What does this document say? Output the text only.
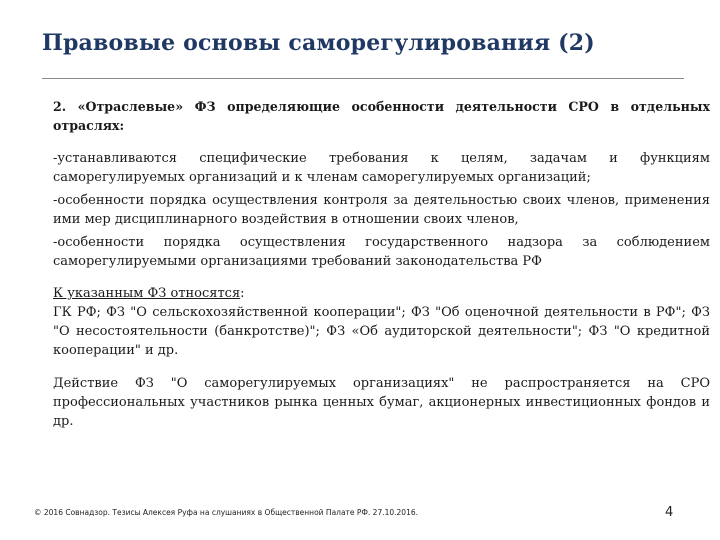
Правовые основы саморегулирования (2)

2. «Отраслевые» ФЗ определяющие особенности деятельности СРО в отдельных отраслях:

-устанавливаются специфические требования к целям, задачам и функциям саморегулируемых организаций и к членам саморегулируемых организаций;

-особенности порядка осуществления контроля за деятельностью своих членов, применения ими мер дисциплинарного воздействия в отношении своих членов,

-особенности порядка осуществления государственного надзора за соблюдением саморегулируемыми организациями требований законодательства РФ

К указанным ФЗ относятся:
ГК РФ; ФЗ "О сельскохозяйственной кооперации"; ФЗ "Об оценочной деятельности в РФ"; ФЗ "О несостоятельности (банкротстве)"; ФЗ «Об аудиторской деятельности"; ФЗ "О кредитной кооперации" и др.

Действие ФЗ "О саморегулируемых организациях" не распространяется на СРО профессиональных участников рынка ценных бумаг, акционерных инвестиционных фондов и др.

© 2016 Совнадзор. Тезисы Алексея Руфа на слушаниях в Общественной Палате РФ. 27.10.2016.	4
